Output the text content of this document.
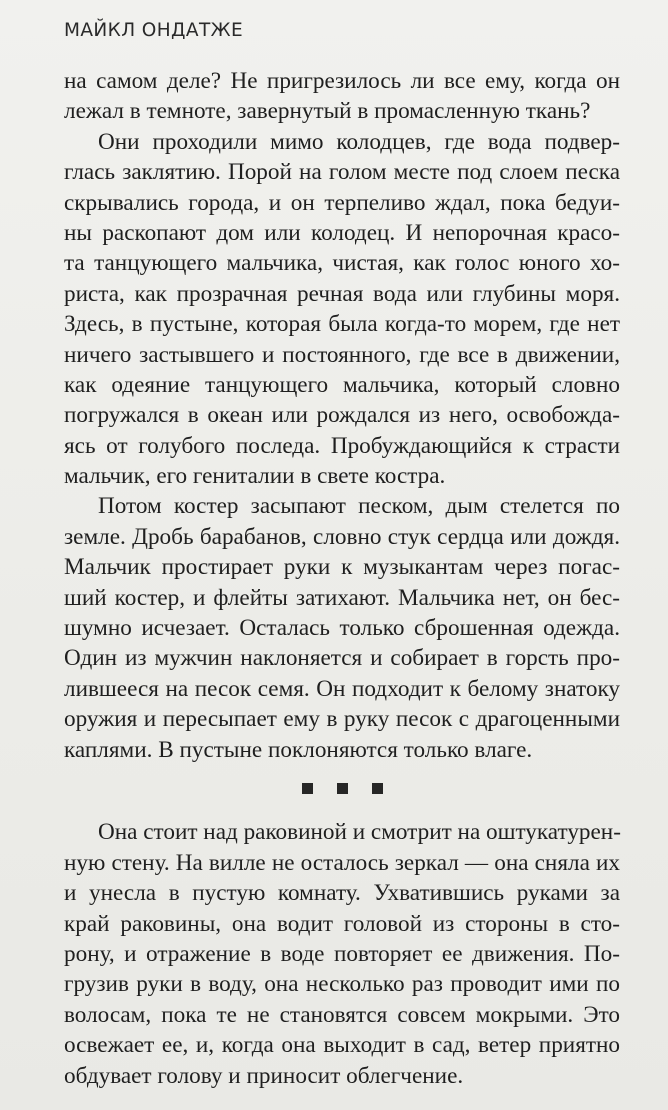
МАЙКЛ ОНДАТЖЕ
на самом деле? Не пригрезилось ли все ему, когда он
лежал в темноте, завернутый в промасленную ткань?
Они проходили мимо колодцев, где вода подвер-
глась заклятию. Порой на голом месте под слоем песка
скрывались города, и он терпеливо ждал, пока бедуи-
ны раскопают дом или колодец. И непорочная красо-
та танцующего мальчика, чистая, как голос юного хо-
риста, как прозрачная речная вода или глубины моря.
Здесь, в пустыне, которая была когда-то морем, где нет
ничего застывшего и постоянного, где все в движении,
как одеяние танцующего мальчика, который словно
погружался в океан или рождался из него, освобожда-
ясь от голубого последа. Пробуждающийся к страсти
мальчик, его гениталии в свете костра.
Потом костер засыпают песком, дым стелется по
земле. Дробь барабанов, словно стук сердца или дождя.
Мальчик простирает руки к музыкантам через погас-
ший костер, и флейты затихают. Мальчика нет, он бес-
шумно исчезает. Осталась только сброшенная одежда.
Один из мужчин наклоняется и собирает в горсть про-
лившееся на песок семя. Он подходит к белому знатоку
оружия и пересыпает ему в руку песок с драгоценными
каплями. В пустыне поклоняются только влаге.
Она стоит над раковиной и смотрит на оштукатурен-
ную стену. На вилле не осталось зеркал — она сняла их
и унесла в пустую комнату. Ухватившись руками за
край раковины, она водит головой из стороны в сто-
рону, и отражение в воде повторяет ее движения. По-
грузив руки в воду, она несколько раз проводит ими по
волосам, пока те не становятся совсем мокрыми. Это
освежает ее, и, когда она выходит в сад, ветер приятно
обдувает голову и приносит облегчение.
